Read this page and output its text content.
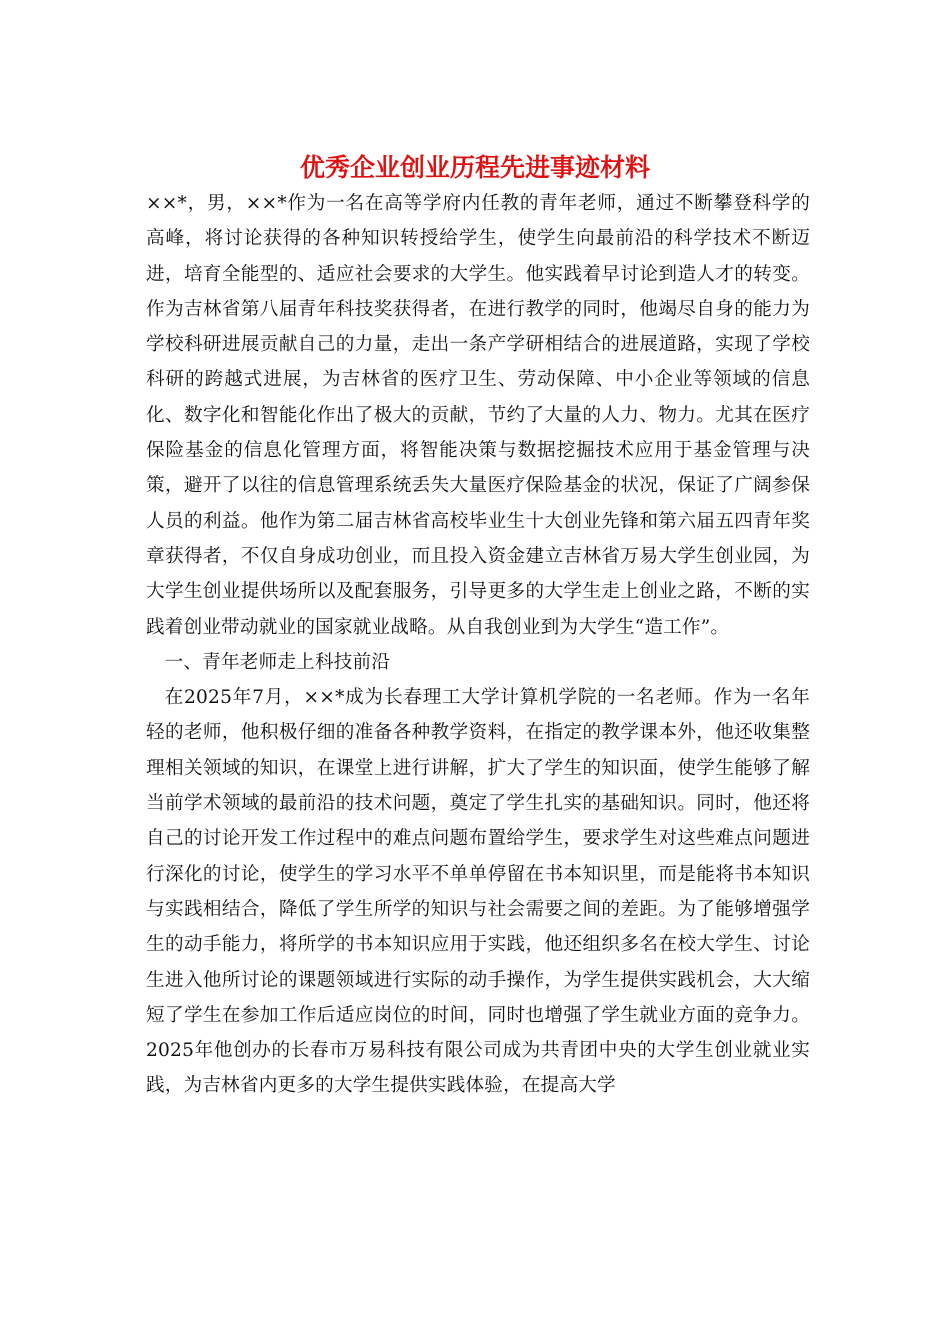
优秀企业创业历程先进事迹材料

××*，男，××*作为一名在高等学府内任教的青年老师，通过不断攀登科学的高峰，将讨论获得的各种知识转授给学生，使学生向最前沿的科学技术不断迈进，培育全能型的、适应社会要求的大学生。他实践着早讨论到造人才的转变。作为吉林省第八届青年科技奖获得者，在进行教学的同时，他竭尽自身的能力为学校科研进展贡献自己的力量，走出一条产学研相结合的进展道路，实现了学校科研的跨越式进展，为吉林省的医疗卫生、劳动保障、中小企业等领域的信息化、数字化和智能化作出了极大的贡献，节约了大量的人力、物力。尤其在医疗保险基金的信息化管理方面，将智能决策与数据挖掘技术应用于基金管理与决策，避开了以往的信息管理系统丢失大量医疗保险基金的状况，保证了广阔参保人员的利益。他作为第二届吉林省高校毕业生十大创业先锋和第六届五四青年奖章获得者，不仅自身成功创业，而且投入资金建立吉林省万易大学生创业园，为大学生创业提供场所以及配套服务，引导更多的大学生走上创业之路，不断的实践着创业带动就业的国家就业战略。从自我创业到为大学生“造工作”。

一、青年老师走上科技前沿

在2025年7月，××*成为长春理工大学计算机学院的一名老师。作为一名年轻的老师，他积极仔细的准备各种教学资料，在指定的教学课本外，他还收集整理相关领域的知识，在课堂上进行讲解，扩大了学生的知识面，使学生能够了解当前学术领域的最前沿的技术问题，奠定了学生扎实的基础知识。同时，他还将自己的讨论开发工作过程中的难点问题布置给学生，要求学生对这些难点问题进行深化的讨论，使学生的学习水平不单单停留在书本知识里，而是能将书本知识与实践相结合，降低了学生所学的知识与社会需要之间的差距。为了能够增强学生的动手能力，将所学的书本知识应用于实践，他还组织多名在校大学生、讨论生进入他所讨论的课题领域进行实际的动手操作，为学生提供实践机会，大大缩短了学生在参加工作后适应岗位的时间，同时也增强了学生就业方面的竞争力。2025年他创办的长春市万易科技有限公司成为共青团中央的大学生创业就业实践，为吉林省内更多的大学生提供实践体验，在提高大学
